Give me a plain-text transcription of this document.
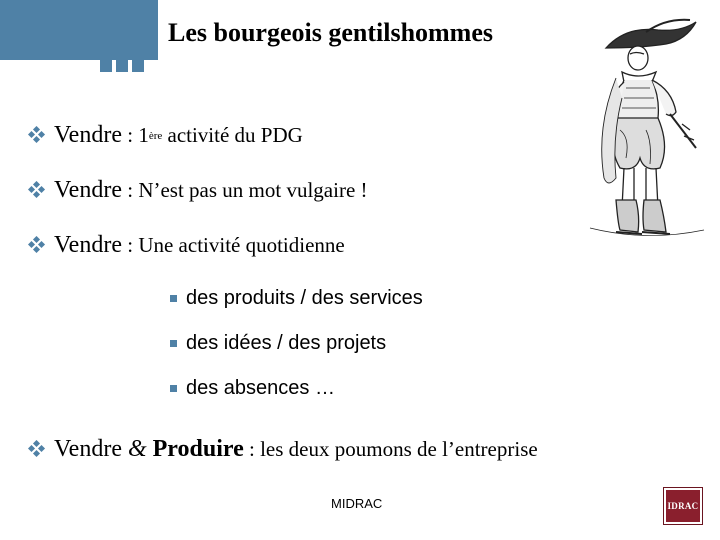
Les bourgeois gentilshommes
Vendre : 1ère activité du PDG
Vendre : N’est pas un mot vulgaire !
Vendre : Une activité quotidienne
des produits / des services
des idées / des projets
des absences …
Vendre & Produire : les deux poumons de l’entreprise
MIDRAC	IDRAC
